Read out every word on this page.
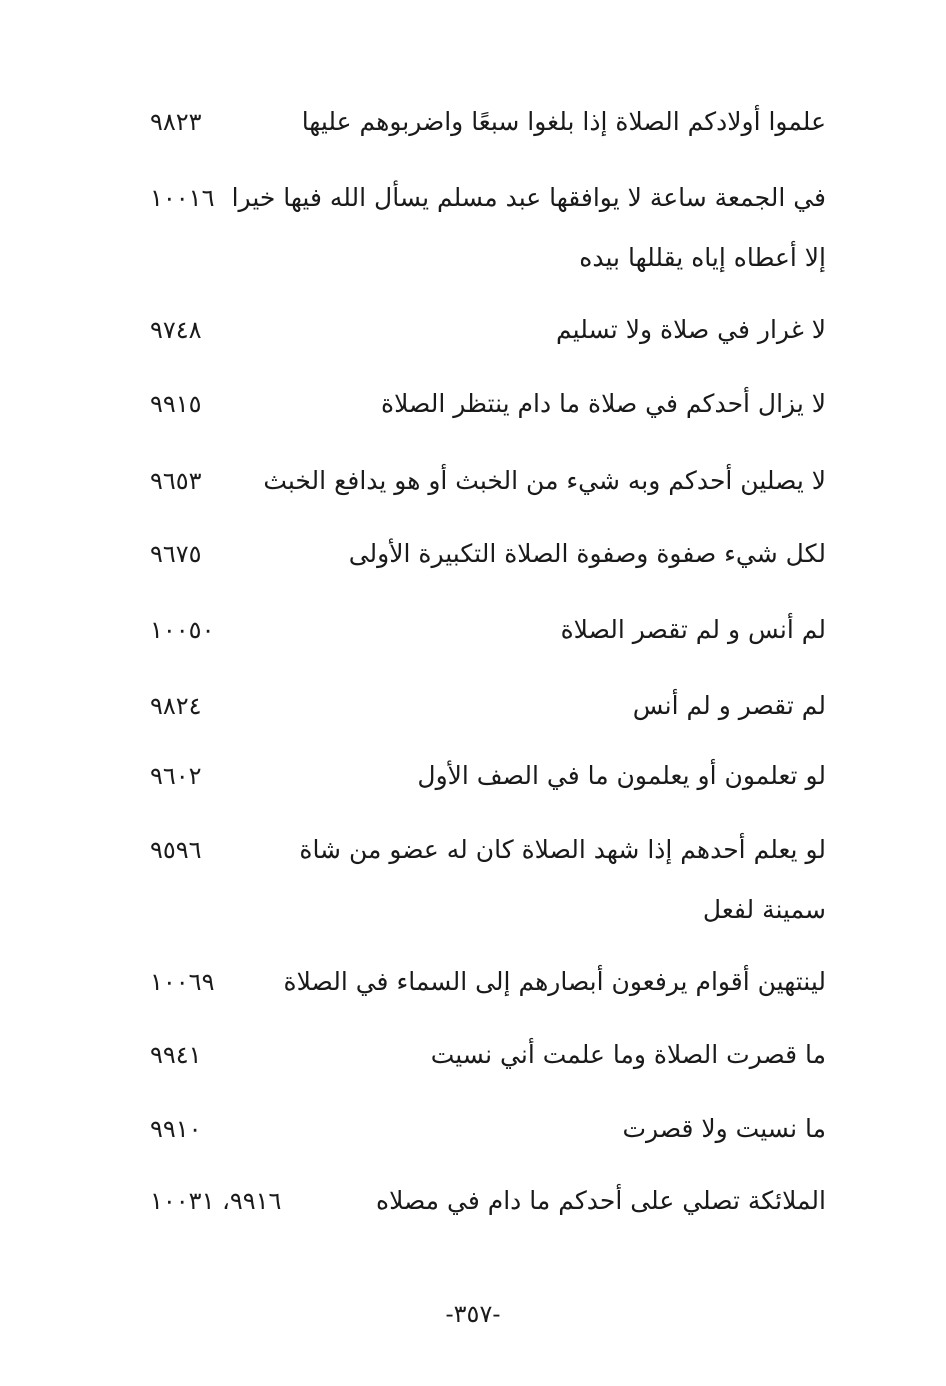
علموا أولادكم الصلاة إذا بلغوا سبعًا واضربوهم عليها
٩٨٢٣
في الجمعة ساعة لا يوافقها عبد مسلم يسأل الله فيها خيرا
١٠٠١٦
إلا أعطاه إياه يقللها بيده
لا غرار في صلاة ولا تسليم
٩٧٤٨
لا يزال أحدكم في صلاة ما دام ينتظر الصلاة
٩٩١٥
لا يصلين أحدكم وبه شيء من الخبث أو هو يدافع الخبث
٩٦٥٣
لكل شيء صفوة وصفوة الصلاة التكبيرة الأولى
٩٦٧٥
لم أنس و لم تقصر الصلاة
١٠٠٥٠
لم تقصر و لم أنس
٩٨٢٤
لو تعلمون أو يعلمون ما في الصف الأول
٩٦٠٢
لو يعلم أحدهم إذا شهد الصلاة كان له عضو من شاة
٩٥٩٦
سمينة لفعل
لينتهين أقوام يرفعون أبصارهم إلى السماء في الصلاة
١٠٠٦٩
ما قصرت الصلاة وما علمت أني نسيت
٩٩٤١
ما نسيت ولا قصرت
٩٩١٠
الملائكة تصلي على أحدكم ما دام في مصلاه
٩٩١٦، ١٠٠٣١
-٣٥٧-
